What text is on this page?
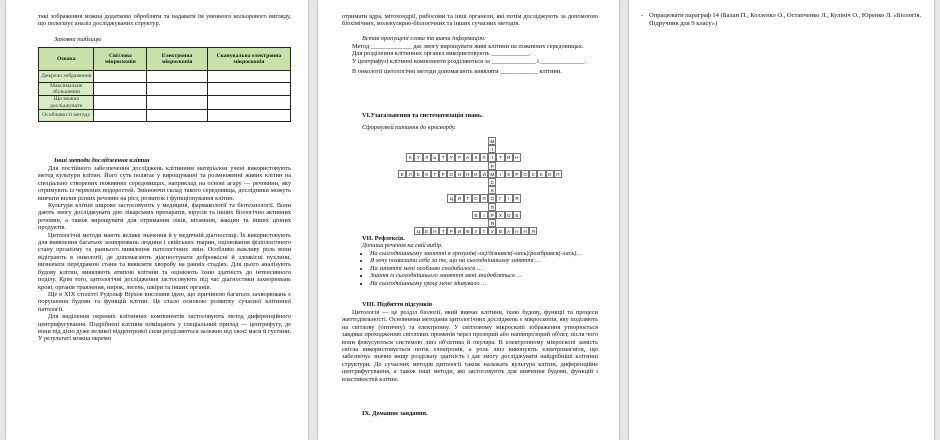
такі зображення можна додатково обробляти та надавати їм умовного кольорового вигляду, що полегшує аналіз досліджуваних структур.
Заповни таблицю
Ознака	Світлова мікроскопія	Електронна мікроскопія	Сканувальна електронна мікроскопія
Джерело зображення			
Максимальне збільшення			
Що можна досліджувати			
Особливості методу			
Інші методи дослідження клітин

Для постійного забезпечення досліджень клітинним матеріалом учені використовують метод культури клітин. Його суть полягає у вирощуванні та розмноженні живих клітин на спеціально створених поживних середовищах, наприклад на основі агару — речовини, яку отримують із червоних водоростей. Змінюючи склад такого середовища, дослідники можуть вивчати вплив різних речовин на ріст, розвиток і функціонування клітин.

Культури клітин широко застосовують у медицині, фармакології та біотехнології. Вони дають змогу досліджувати дію лікарських препаратів, вірусів та інших біологічно активних речовин, а також вирощувати для отримання ліків, вітамінів, вакцин та інших цінних продуктів.

Цитологічні методи мають велике значення й у медичній діагностиці. Їх використовують для виявлення багатьох захворювань людини і свійських тварин, оцінювання фізіологічного стану організму та раннього виявлення патологічних змін. Особливо важливу роль вони відіграють в онкології, де допомагають діагностувати доброякісні й злоякісні пухлини, визначати передракові стани та виявляти хворобу на ранніх стадіях. Для цього аналізують будову клітин, виявляють атипові клітини та оцінюють їхню здатність до інтенсивного поділу. Крім того, цитологічні дослідження застосовують під час діагностики захворювань крові, органів травлення, нирок, легень, шкіри та інших органів.

Ще в XIX столітті Рудольф Вірхов висловив ідею, що причиною багатьох захворювань є порушення будови та функцій клітин. Це стало основою розвитку сучасної клітинної патології.

Для виділення окремих клітинних компонентів застосовують метод диференційного центрифугування. Подрібнені клітини поміщають у спеціальний прилад — центрифугу, де вони під дією дуже великої відцентрової сили розділяються залежно від своєї маси й густини. У результаті можна окремо

отримати ядра, мітохондрії, рибосоми та інші органели, які потім досліджують за допомогою біохімічних, молекулярно-біологічних та інших сучасних методів.
Встав пропущені слова та вивчи інформацію:

Метод _____________ дає змогу вирощувати живі клітини на поживних середовищах.

Для розділення клітинних органел використовують ____________.

У центрифузі клітинні компоненти розділяються за ______________ і ______________.

В онкології цитологічні методи допомагають виявляти ____________ клітини.

VI.Узагальнення та систематизація знань.
Сформулюй питання до кросворду.
К	У	Л	Ь	Т	У	Р	А	К	Л	І	Т	И	Н
Е	Л	Е	К	Т	Р	О	Н	Н	И	Й	М	І	К	Р	О	С	К	О	П
Ц	И	Т	О	Л	О	Г	І	Я
В	І	Р	Х	О	В
Ц	Е	Н	Т	Р	И	Ф	У	Г	У	В	А	Н	Н	Я
М
І
Р
С
К
П
Я
VII. Рефлексія.
Допиши речення на свій вибір.
• На сьогоднішньому занятті я зрозумів(-ла)/дізнався(-лась)/розібрався(-лась)…
• Я хочу похвалити себе за те, що на сьогоднішньому занятті …
• На занятті мені особливо сподобалося …
• Знання із сьогоднішнього заняття мені знадобляться …
• На сьогоднішньому уроці мене здивувало …
VIII. Підбиття підсумків

Цитологія — це розділ біології, який вивчає клітини, їхню будову, функції та процеси життєдіяльності. Основними методами цитологічних досліджень є мікроскопія, яку поділяють на світлову (оптичну) та електронну. У світловому мікроскопі зображення утворюється завдяки проходженню світлових променів через прозорий або напівпрозорий об'єкт, після чого вони фокусуються системою лінз об'єктива й окуляра. В електронному мікроскопі замість світла використовується потік електронів, а роль лінз виконують електромагніти, що забезпечує значно вищу роздільну здатність і дає змогу досліджувати найдрібніші клітинні структури. До сучасних методів цитології також належать культура клітин, диференційне центрифугування, а також інші методи, які застосовують для вивчення будови, функцій і властивостей клітин.

IX. Домашнє завдання.
- Опрацювати параграф 14 (Балан П., Козленко О., Остапченко Л., Кулініч О., Юренко Л. «Біологія. Підручник для 9 класу»)
